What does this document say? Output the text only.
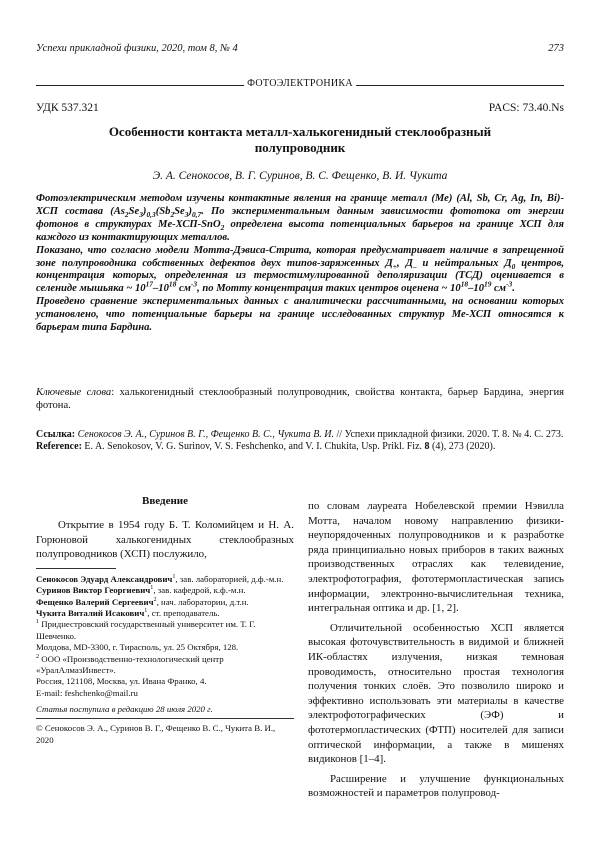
Успехи прикладной физики, 2020, том 8, № 4	273
ФОТОЭЛЕКТРОНИКА
УДК 537.321	PACS: 73.40.Ns
Особенности контакта металл-халькогенидный стеклообразный полупроводник
Э. А. Сенокосов, В. Г. Суринов, В. С. Фещенко, В. И. Чукита

Фотоэлектрическим методом изучены контактные явления на границе металл (Ме) (Al, Sb, Cr, Ag, In, Bi)-ХСП состава $(As_2Se_3)_{0,3}(Sb_2Se_3)_{0,7}$. По экспериментальным данным зависимости фототока от энергии фотонов в структурах Me-ХСП-SnO$_2$ определена высота потенциальных барьеров на границе ХСП для каждого из контактирующих металлов.

Показано, что согласно модели Мотта-Дэвиса-Стрита, которая предусматривает наличие в запрещенной зоне полупроводника собственных дефектов двух типов-заряженных $Д_+$, $Д_-$ и нейтральных $Д_0$ центров, концентрация которых, определенная из термостимулированной деполяризации (ТСД) оценивается в селениде мышьяка ~ $10^{17}-10^{18}$ $см^{-3}$, по Мотту концентрация таких центров оценена ~ $10^{18}-10^{19}$ $см^{-3}$.

Проведено сравнение экспериментальных данных с аналитически рассчитанными, на основании которых установлено, что потенциальные барьеры на границе исследованных структур Ме-ХСП относятся к барьерам типа Бардина.

Ключевые слова: халькогенидный стеклообразный полупроводник, свойства контакта, барьер Бардина, энергия фотона.

Ссылка: Сенокосов Э. А., Суринов В. Г., Фещенко В. С., Чукита В. И. // Успехи прикладной физики. 2020. Т. 8. № 4. С. 273.

Reference: E. A. Senokosov, V. G. Surinov, V. S. Feshchenko, and V. I. Chukita, Usp. Prikl. Fiz. 8 (4), 273 (2020).

Введение

Открытие в 1954 году Б. Т. Коломийцем и Н. А. Горюновой халькогенидных стеклообразных полупроводников (ХСП) послужило,

Сенокосов Эдуард Александрович$^1$, зав. лабораторией, д.ф.-м.н.

Суринов Виктор Георгиевич$^1$, зав. кафедрой, к.ф.-м.н.

Фещенко Валерий Сергеевич$^2$, нач. лаборатории, д.т.н.

Чукита Виталий Исакович$^1$, ст. преподаватель.

$^1$ Приднестровский государственный университет им. Т. Г. Шевченко.

Молдова, MD-3300, г. Тирасполь, ул. 25 Октября, 128.

$^2$ ООО «Производственно-технологический центр «УралАлмазИнвест».

Россия, 121108, Москва, ул. Ивана Франко, 4.

E-mail: feshchenko@mail.ru

Статья поступила в редакцию 28 июля 2020 г.
© Сенокосов Э. А., Суринов В. Г., Фещенко В. С., Чукита В. И., 2020

по словам лауреата Нобелевской премии Нэвилла Мотта, началом новому направлению физики-неупорядоченных полупроводников и к разработке ряда принципиально новых приборов в таких важных производственных отраслях как телевидение, электрофотография, фототермопластическая запись информации, электронно-вычислительная техника, интегральная оптика и др. [1, 2].

Отличительной особенностью ХСП является высокая фоточувствительность в видимой и ближней ИК-областях излучения, низкая темновая проводимость, относительно простая технология получения тонких слоёв. Это позволило широко и эффективно использовать эти материалы в качестве электрофотографических (ЭФ) и фототермопластических (ФТП) носителей для записи оптической информации, а также в мишенях видиконов [1–4].

Расширение и улучшение функциональных возможностей и параметров полупровод-
